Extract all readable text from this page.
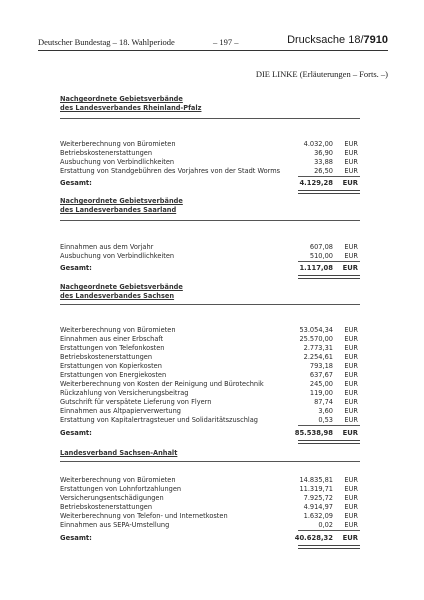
Deutscher Bundestag – 18. Wahlperiode	– 197 –	Drucksache 18/7910
DIE LINKE (Erläuterungen – Forts. –)
Nachgeordnete Gebietsverbände
des Landesverbandes Rheinland-Pfalz
Weiterberechnung von Büromieten	4.032,00 EUR
Betriebskostenerstattungen	36,90 EUR
Ausbuchung von Verbindlichkeiten	33,88 EUR
Erstattung von Standgebühren des Vorjahres von der Stadt Worms	26,50 EUR
Gesamt:	4.129,28 EUR
Nachgeordnete Gebietsverbände
des Landesverbandes Saarland
Einnahmen aus dem Vorjahr	607,08 EUR
Ausbuchung von Verbindlichkeiten	510,00 EUR
Gesamt:	1.117,08 EUR
Nachgeordnete Gebietsverbände
des Landesverbandes Sachsen
Weiterberechnung von Büromieten	53.054,34 EUR
Einnahmen aus einer Erbschaft	25.570,00 EUR
Erstattungen von Telefonkosten	2.773,31 EUR
Betriebskostenerstattungen	2.254,61 EUR
Erstattungen von Kopierkosten	793,18 EUR
Erstattungen von Energiekosten	637,67 EUR
Weiterberechnung von Kosten der Reinigung und Bürotechnik	245,00 EUR
Rückzahlung von Versicherungsbeitrag	119,00 EUR
Gutschrift für verspätete Lieferung von Flyern	87,74 EUR
Einnahmen aus Altpapierverwertung	3,60 EUR
Erstattung von Kapitalertragsteuer und Solidaritätszuschlag	0,53 EUR
Gesamt:	85.538,98 EUR
Landesverband Sachsen-Anhalt
Weiterberechnung von Büromieten	14.835,81 EUR
Erstattungen von Lohnfortzahlungen	11.319,71 EUR
Versicherungsentschädigungen	7.925,72 EUR
Betriebskostenerstattungen	4.914,97 EUR
Weiterberechnung von Telefon- und Internetkosten	1.632,09 EUR
Einnahmen aus SEPA-Umstellung	0,02 EUR
Gesamt:	40.628,32 EUR
